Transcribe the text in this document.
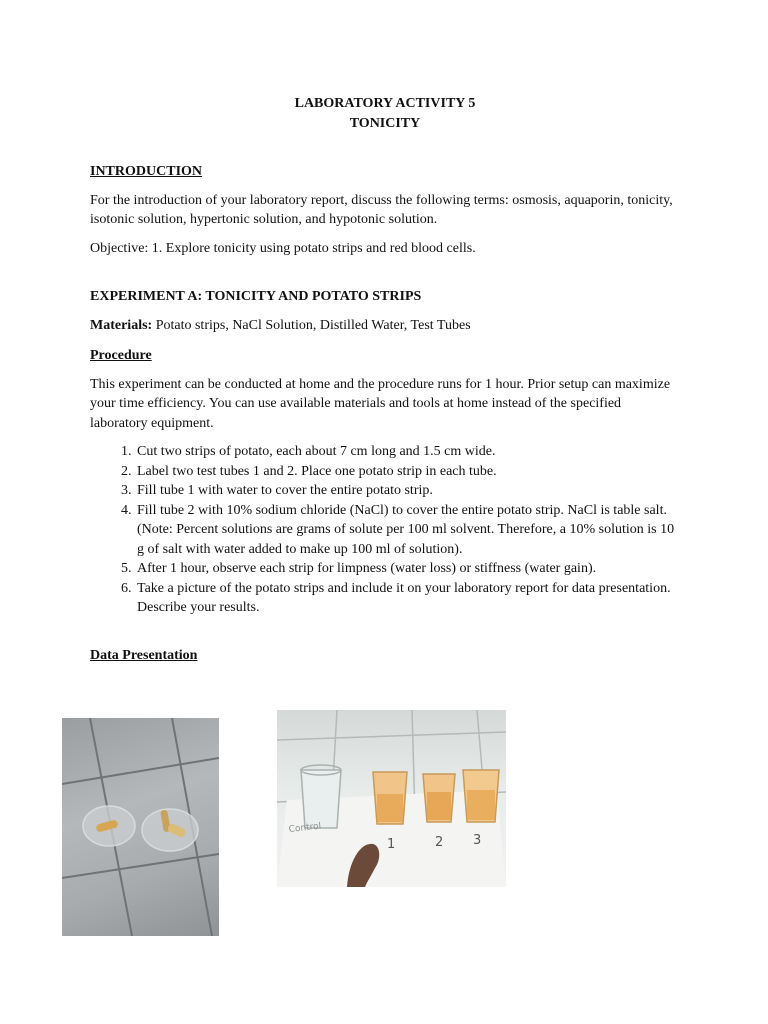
LABORATORY ACTIVITY 5

TONICITY

INTRODUCTION

For the introduction of your laboratory report, discuss the following terms: osmosis, aquaporin, tonicity, isotonic solution, hypertonic solution, and hypotonic solution.

Objective: 1. Explore tonicity using potato strips and red blood cells.

EXPERIMENT A: TONICITY AND POTATO STRIPS

Materials: Potato strips, NaCl Solution, Distilled Water, Test Tubes

Procedure

This experiment can be conducted at home and the procedure runs for 1 hour. Prior setup can maximize your time efficiency. You can use available materials and tools at home instead of the specified laboratory equipment.

1. Cut two strips of potato, each about 7 cm long and 1.5 cm wide.
2. Label two test tubes 1 and 2. Place one potato strip in each tube.
3. Fill tube 1 with water to cover the entire potato strip.
4. Fill tube 2 with 10% sodium chloride (NaCl) to cover the entire potato strip. NaCl is table salt. (Note: Percent solutions are grams of solute per 100 ml solvent. Therefore, a 10% solution is 10 g of salt with water added to make up 100 ml of solution).
5. After 1 hour, observe each strip for limpness (water loss) or stiffness (water gain).
6. Take a picture of the potato strips and include it on your laboratory report for data presentation. Describe your results.

Data Presentation

Control
1	2 3
